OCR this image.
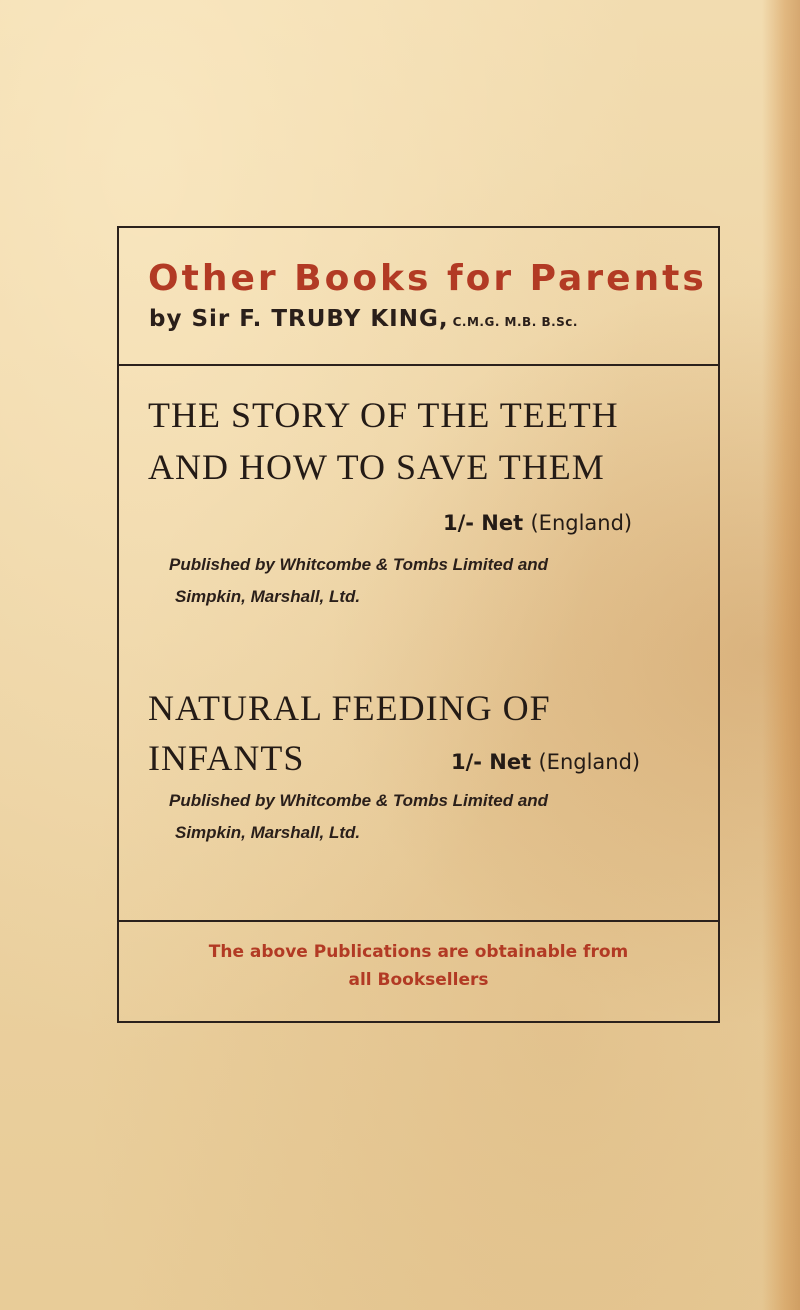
Other Books for Parents
by Sir F. TRUBY KING, C.M.G. M.B. B.Sc.
THE STORY OF THE TEETH
AND HOW TO SAVE THEM
1/- Net (England)
Published by Whitcombe & Tombs Limited and
Simpkin, Marshall, Ltd.
NATURAL FEEDING OF
INFANTS	1/- Net (England)
Published by Whitcombe & Tombs Limited and
Simpkin, Marshall, Ltd.
The above Publications are obtainable from
all Booksellers
